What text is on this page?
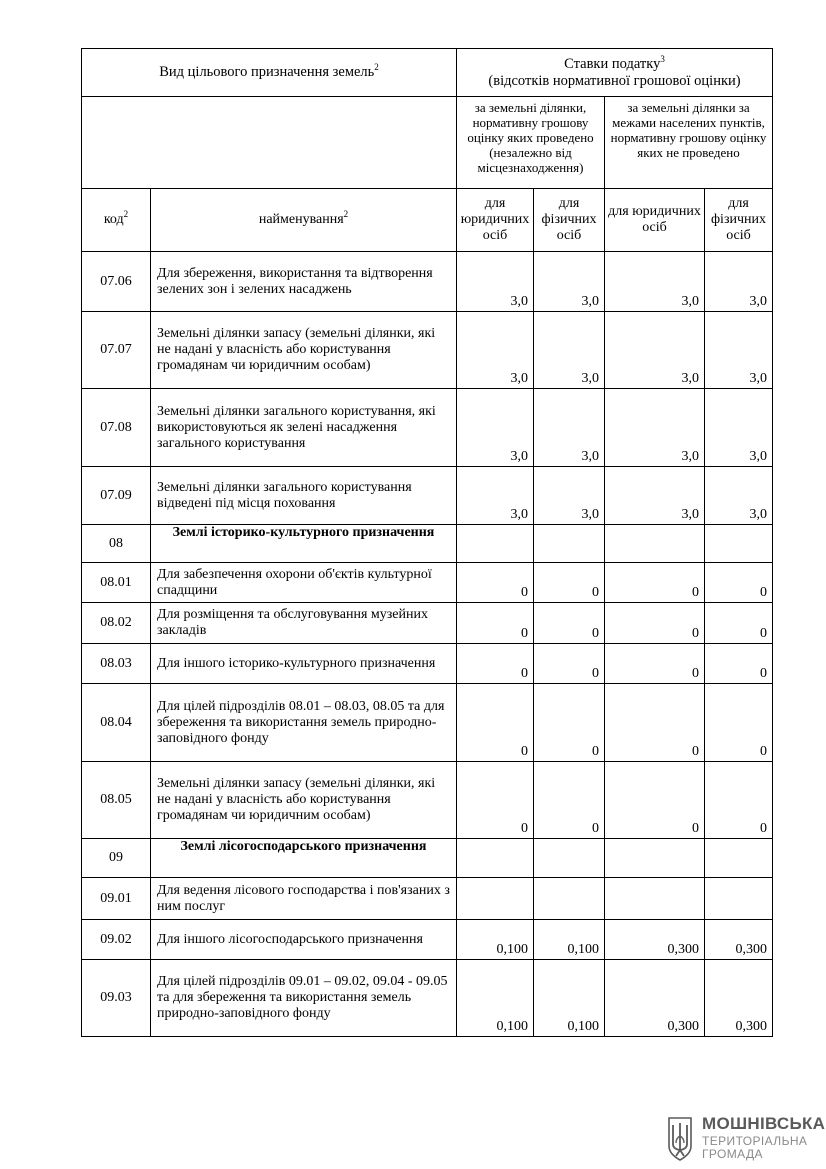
Вид цільового призначення земель$^2$		Ставки податку$^3$
(відсотків нормативної грошової оцінки)			
		за земельні ділянки, нормативну грошову оцінку яких проведено (незалежно від місцезнаходження)		за земельні ділянки за межами населених пунктів, нормативну грошову оцінку яких не проведено	
код$^2$	найменування$^2$	для юридичних осіб	для фізичних осіб	для юридичних осіб	для фізичних осіб
07.06	Для збереження, використання та відтворення зелених зон і зелених насаджень	3,0	3,0	3,0	3,0
07.07	Земельні ділянки запасу (земельні ділянки, які не надані у власність або користування громадянам чи юридичним особам)	3,0	3,0	3,0	3,0
07.08	Земельні ділянки загального користування, які використовуються як зелені насадження загального користування	3,0	3,0	3,0	3,0
07.09	Земельні ділянки загального користування відведені під місця поховання	3,0	3,0	3,0	3,0
08	Землі історико-культурного призначення				
08.01	Для забезпечення охорони об'єктів культурної спадщини	0	0	0	0
08.02	Для розміщення та обслуговування музейних закладів	0	0	0	0
08.03	Для іншого історико-культурного призначення	0	0	0	0
08.04	Для цілей підрозділів 08.01 – 08.03, 08.05 та для збереження та використання земель природно-заповідного фонду	0	0	0	0
08.05	Земельні ділянки запасу (земельні ділянки, які не надані у власність або користування громадянам чи юридичним особам)	0	0	0	0
09	Землі лісогосподарського призначення				
09.01	Для ведення лісового господарства і пов'язаних з ним послуг				
09.02	Для іншого лісогосподарського призначення	0,100	0,100	0,300	0,300
09.03	Для цілей підрозділів 09.01 – 09.02, 09.04 - 09.05 та для збереження та використання земель природно-заповідного фонду	0,100	0,100	0,300	0,300
МОШНІВСЬКА
ТЕРИТОРІАЛЬНА
ГРОМАДА
